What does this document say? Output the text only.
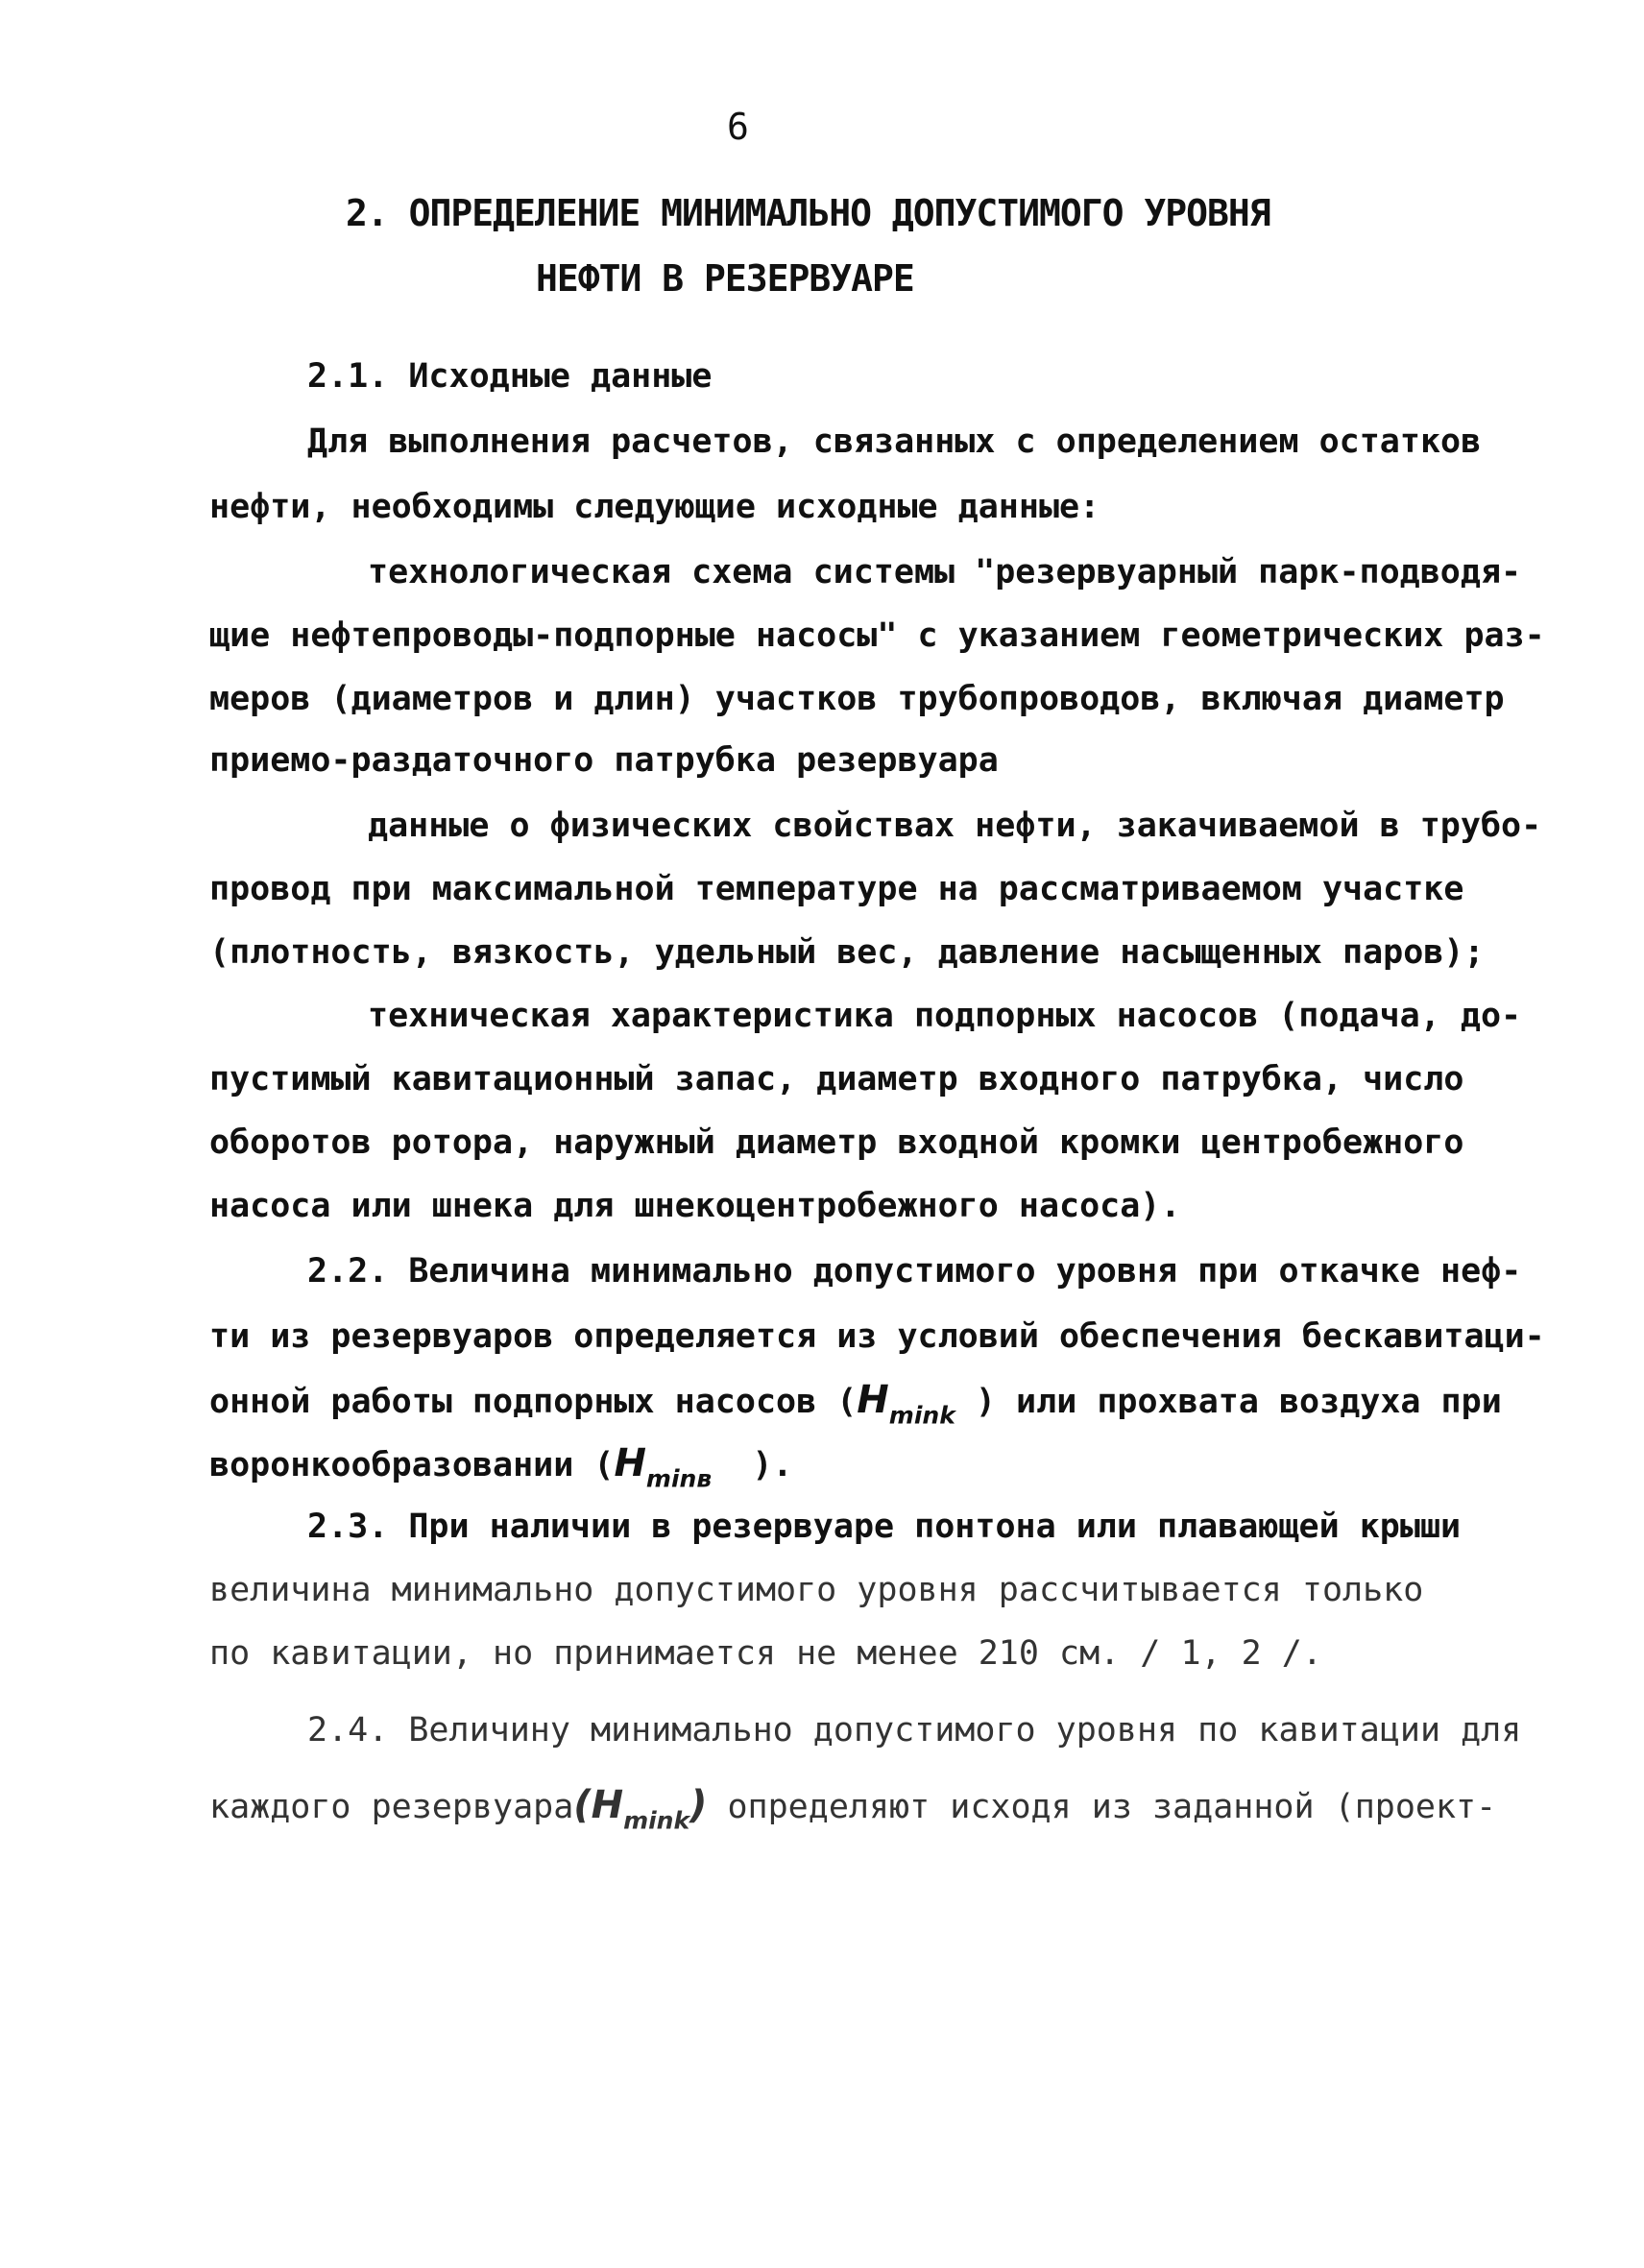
6
2. ОПРЕДЕЛЕНИЕ МИНИМАЛЬНО ДОПУСТИМОГО УРОВНЯ
НЕФТИ В РЕЗЕРВУАРЕ
2.1. Исходные данные
Для выполнения расчетов, связанных с определением остатков
нефти, необходимы следующие исходные данные:
технологическая схема системы "резервуарный парк-подводя-
щие нефтепроводы-подпорные насосы" с указанием геометрических раз-
меров (диаметров и длин) участков трубопроводов, включая диаметр
приемо-раздаточного патрубка резервуара
данные о физических свойствах нефти, закачиваемой в трубо-
провод при максимальной температуре на рассматриваемом участке
(плотность, вязкость, удельный вес, давление насыщенных паров);
техническая характеристика подпорных насосов (подача, до-
пустимый кавитационный запас, диаметр входного патрубка, число
оборотов ротора, наружный диаметр входной кромки центробежного
насоса или шнека для шнекоцентробежного насоса).
2.2. Величина минимально допустимого уровня при откачке неф-
ти из резервуаров определяется из условий обеспечения бескавитаци-
онной работы подпорных насосов ($H_{mink}$ ) или прохвата воздуха при
воронкообразовании ($H_{minв}$ ).
2.3. При наличии в резервуаре понтона или плавающей крыши
величина минимально допустимого уровня рассчитывается только
по кавитации, но принимается не менее 210 см. / 1, 2 /.
2.4. Величину минимально допустимого уровня по кавитации для
каждого $резервуара(H_{mink})$ определяют исходя из заданной (проект-
